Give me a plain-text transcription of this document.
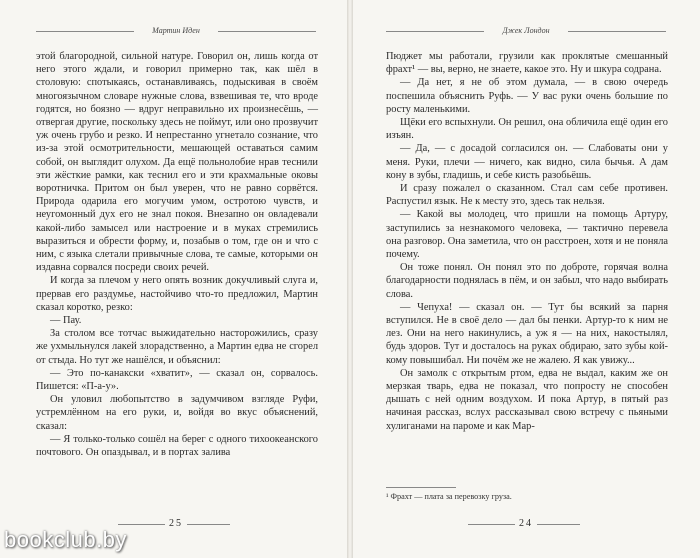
Мартин Иден

этой благородной, сильной натуре. Говорил он, лишь когда от него этого ждали, и говорил примерно так, как шёл в столовую: спотыкаясь, останавливаясь, подыскивая в своём многоязычном словаре нужные слова, взвешивая те, что вроде годятся, но боязно — вдруг неправильно их произнесёшь, — отвергая другие, поскольку здесь не поймут, или оно прозвучит уж очень грубо и резко. И непрестанно угнетало сознание, что из-за этой осмотрительности, мешающей оставаться самим собой, он выглядит олухом. Да ещё польнолобие нрав теснили эти жёсткие рамки, как теснил его и эти крахмальные оковы воротничка. Притом он был уверен, что не равно сорвётся. Природа одарила его могучим умом, остротою чувств, и неугомонный дух его не знал покоя. Внезапно он овладевали какой-либо замысел или настроение и в муках стремились выразиться и обрести форму, и, позабыв о том, где он и что с ним, с языка слетали привычные слова, те самые, которыми он издавна сорвался посреди своих речей.

И когда за плечом у него опять возник докучливый слуга и, прервав его раздумье, настойчиво что-то предложил, Мартин сказал коротко, резко:

— Пау.

За столом все тотчас выжидательно насторожились, сразу же ухмыльнулся лакей злорадственно, а Мартин едва не сгорел от стыда. Но тут же нашёлся, и объяснил:

— Это по-канакски «хватит», — сказал он, сорвалось. Пишется: «П-а-у».

Он уловил любопытство в задумчивом взгляде Руфи, устремлённом на его руки, и, войдя во вкус объяснений, сказал:

— Я только-только сошёл на берег с одного тихоокеанского почтового. Он опаздывал, и в портах залива

25
Джек Лондон

Пюджет мы работали, грузили как проклятые смешанный фрахт¹ — вы, верно, не знаете, какое это. Ну и шкура содрана.

— Да нет, я не об этом думала, — в свою очередь поспешила объяснить Руфь. — У вас руки очень большие по росту маленькими.

Щёки его вспыхнули. Он решил, она обличила ещё один его изъян.

— Да, — с досадой согласился он. — Слабоваты они у меня. Руки, плечи — ничего, как видно, сила бычья. А дам кону в зубы, гладишь, и себе кисть разобьёшь.

И сразу пожалел о сказанном. Стал сам себе противен. Распустил язык. Не к месту это, здесь так нельзя.

— Какой вы молодец, что пришли на помощь Артуру, заступились за незнакомого человека, — тактично перевела она разговор. Она заметила, что он расстроен, хотя и не поняла почему.

Он тоже понял. Он понял это по доброте, горячая волна благодарности поднялась в пём, и он забыл, что надо выбирать слова.

— Чепуха! — сказал он. — Тут бы всякий за парня вступился. Не в своё дело — дал бы пенки. Артур-то к ним не лез. Они на него накинулись, а уж я — на них, накостылял, будь здоров. Тут и досталось на руках обдираю, зато зубы кой-кому повышибал. Ни почём же не жалею. Я как увижу...

Он замолк с открытым ртом, едва не выдал, каким же он мерзкая тварь, едва не показал, что попросту не способен дышать с ней одним воздухом. И пока Артур, в пятый раз начиная рассказ, вслух рассказывал свою встречу с пьяными хулиганами на пароме и как Мар-

¹ Фрахт — плата за перевозку груза.
24
bookclub.by
